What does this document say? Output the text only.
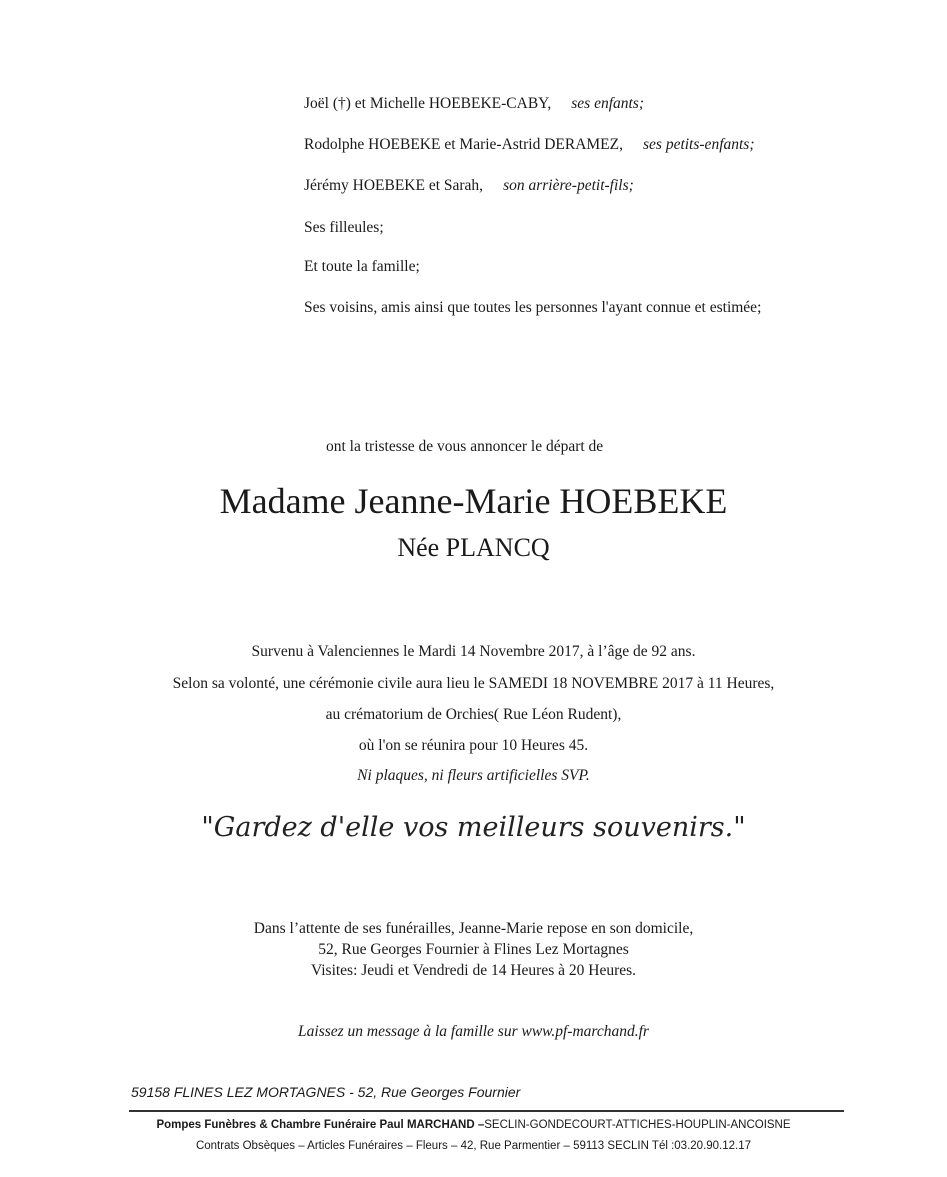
Joël (†) et Michelle HOEBEKE-CABY, ses enfants;
Rodolphe HOEBEKE et Marie-Astrid DERAMEZ, ses petits-enfants;
Jérémy HOEBEKE et Sarah, son arrière-petit-fils;
Ses filleules;
Et toute la famille;
Ses voisins, amis ainsi que toutes les personnes l'ayant connue et estimée;
ont la tristesse de vous annoncer le départ de
Madame Jeanne-Marie HOEBEKE
Née PLANCQ
Survenu à Valenciennes le Mardi 14 Novembre 2017, à l’âge de 92 ans.
Selon sa volonté, une cérémonie civile aura lieu le SAMEDI 18 NOVEMBRE 2017 à 11 Heures,
au crématorium de Orchies( Rue Léon Rudent),
où l'on se réunira pour 10 Heures 45.
Ni plaques, ni fleurs artificielles SVP.
"Gardez d'elle vos meilleurs souvenirs."
Dans l’attente de ses funérailles, Jeanne-Marie repose en son domicile,
52, Rue Georges Fournier à Flines Lez Mortagnes
Visites: Jeudi et Vendredi de 14 Heures à 20 Heures.
Laissez un message à la famille sur www.pf-marchand.fr
59158 FLINES LEZ MORTAGNES - 52, Rue Georges Fournier
Pompes Funèbres & Chambre Funéraire Paul MARCHAND –SECLIN-GONDECOURT-ATTICHES-HOUPLIN-ANCOISNE
Contrats Obsèques – Articles Funéraires – Fleurs – 42, Rue Parmentier – 59113 SECLIN Tél :03.20.90.12.17
